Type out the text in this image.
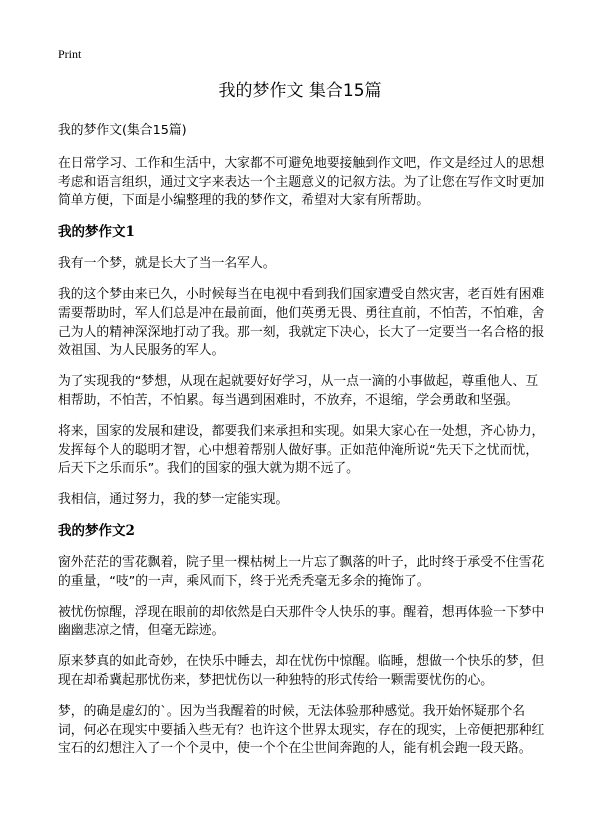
Print
我的梦作文 集合15篇

我的梦作文(集合15篇)

在日常学习、工作和生活中，大家都不可避免地要接触到作文吧，作文是经过人的思想考虑和语言组织，通过文字来表达一个主题意义的记叙方法。为了让您在写作文时更加简单方便，下面是小编整理的我的梦作文，希望对大家有所帮助。

我的梦作文1

我有一个梦，就是长大了当一名军人。

我的这个梦由来已久，小时候每当在电视中看到我们国家遭受自然灾害，老百姓有困难需要帮助时，军人们总是冲在最前面，他们英勇无畏、勇往直前，不怕苦，不怕难，舍己为人的精神深深地打动了我。那一刻，我就定下决心，长大了一定要当一名合格的报效祖国、为人民服务的军人。

为了实现我的“梦想，从现在起就要好好学习，从一点一滴的小事做起，尊重他人、互相帮助，不怕苦，不怕累。每当遇到困难时，不放弃，不退缩，学会勇敢和坚强。

将来，国家的发展和建设，都要我们来承担和实现。如果大家心在一处想，齐心协力，发挥每个人的聪明才智，心中想着帮别人做好事。正如范仲淹所说“先天下之忧而忧，后天下之乐而乐”。我们的国家的强大就为期不远了。

我相信，通过努力，我的梦一定能实现。

我的梦作文2

窗外茫茫的雪花飘着，院子里一棵枯树上一片忘了飘落的叶子，此时终于承受不住雪花的重量，“吱”的一声，乘风而下，终于光秃秃毫无多余的掩饰了。

被忧伤惊醒，浮现在眼前的却依然是白天那件令人快乐的事。醒着，想再体验一下梦中幽幽悲凉之情，但毫无踪迹。

原来梦真的如此奇妙，在快乐中睡去，却在忧伤中惊醒。临睡，想做一个快乐的梦，但现在却希冀起那忧伤来，梦把忧伤以一种独特的形式传给一颗需要忧伤的心。

梦，的确是虚幻的`。因为当我醒着的时候，无法体验那种感觉。我开始怀疑那个名词，何必在现实中要插入些无有？也许这个世界太现实，存在的现实，上帝便把那种红宝石的幻想注入了一个个灵中，使一个个在尘世间奔跑的人，能有机会跑一段天路。
